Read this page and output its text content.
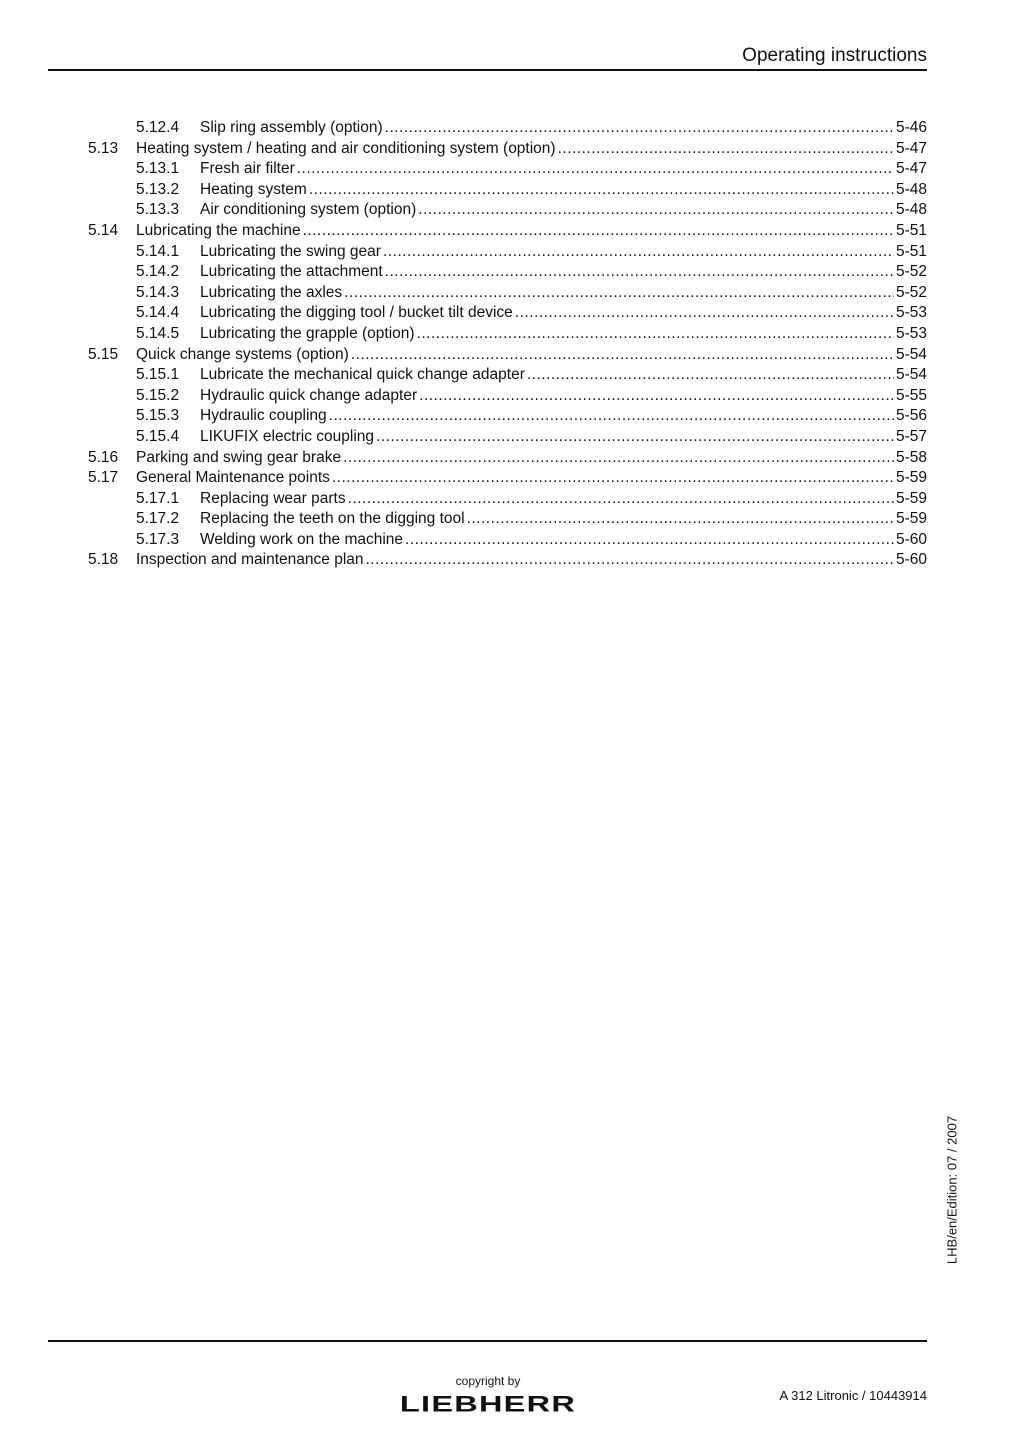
Operating instructions
5.12.4 Slip ring assembly (option) .....	5-46
5.13 Heating system / heating and air conditioning system (option) .....	5-47
5.13.1 Fresh air filter .....	5-47
5.13.2 Heating system .....	5-48
5.13.3 Air conditioning system (option) .....	5-48
5.14 Lubricating the machine .....	5-51
5.14.1 Lubricating the swing gear .....	5-51
5.14.2 Lubricating the attachment .....	5-52
5.14.3 Lubricating the axles .....	5-52
5.14.4 Lubricating the digging tool / bucket tilt device .....	5-53
5.14.5 Lubricating the grapple (option) .....	5-53
5.15 Quick change systems (option) .....	5-54
5.15.1 Lubricate the mechanical quick change adapter .....	5-54
5.15.2 Hydraulic quick change adapter .....	5-55
5.15.3 Hydraulic coupling .....	5-56
5.15.4 LIKUFIX electric coupling .....	5-57
5.16 Parking and swing gear brake .....	5-58
5.17 General Maintenance points .....	5-59
5.17.1 Replacing wear parts .....	5-59
5.17.2 Replacing the teeth on the digging tool .....	5-59
5.17.3 Welding work on the machine .....	5-60
5.18 Inspection and maintenance plan .....	5-60
LHB/en/Edition: 07 / 2007
copyright by
LIEBHERR	A 312 Litronic / 10443914
